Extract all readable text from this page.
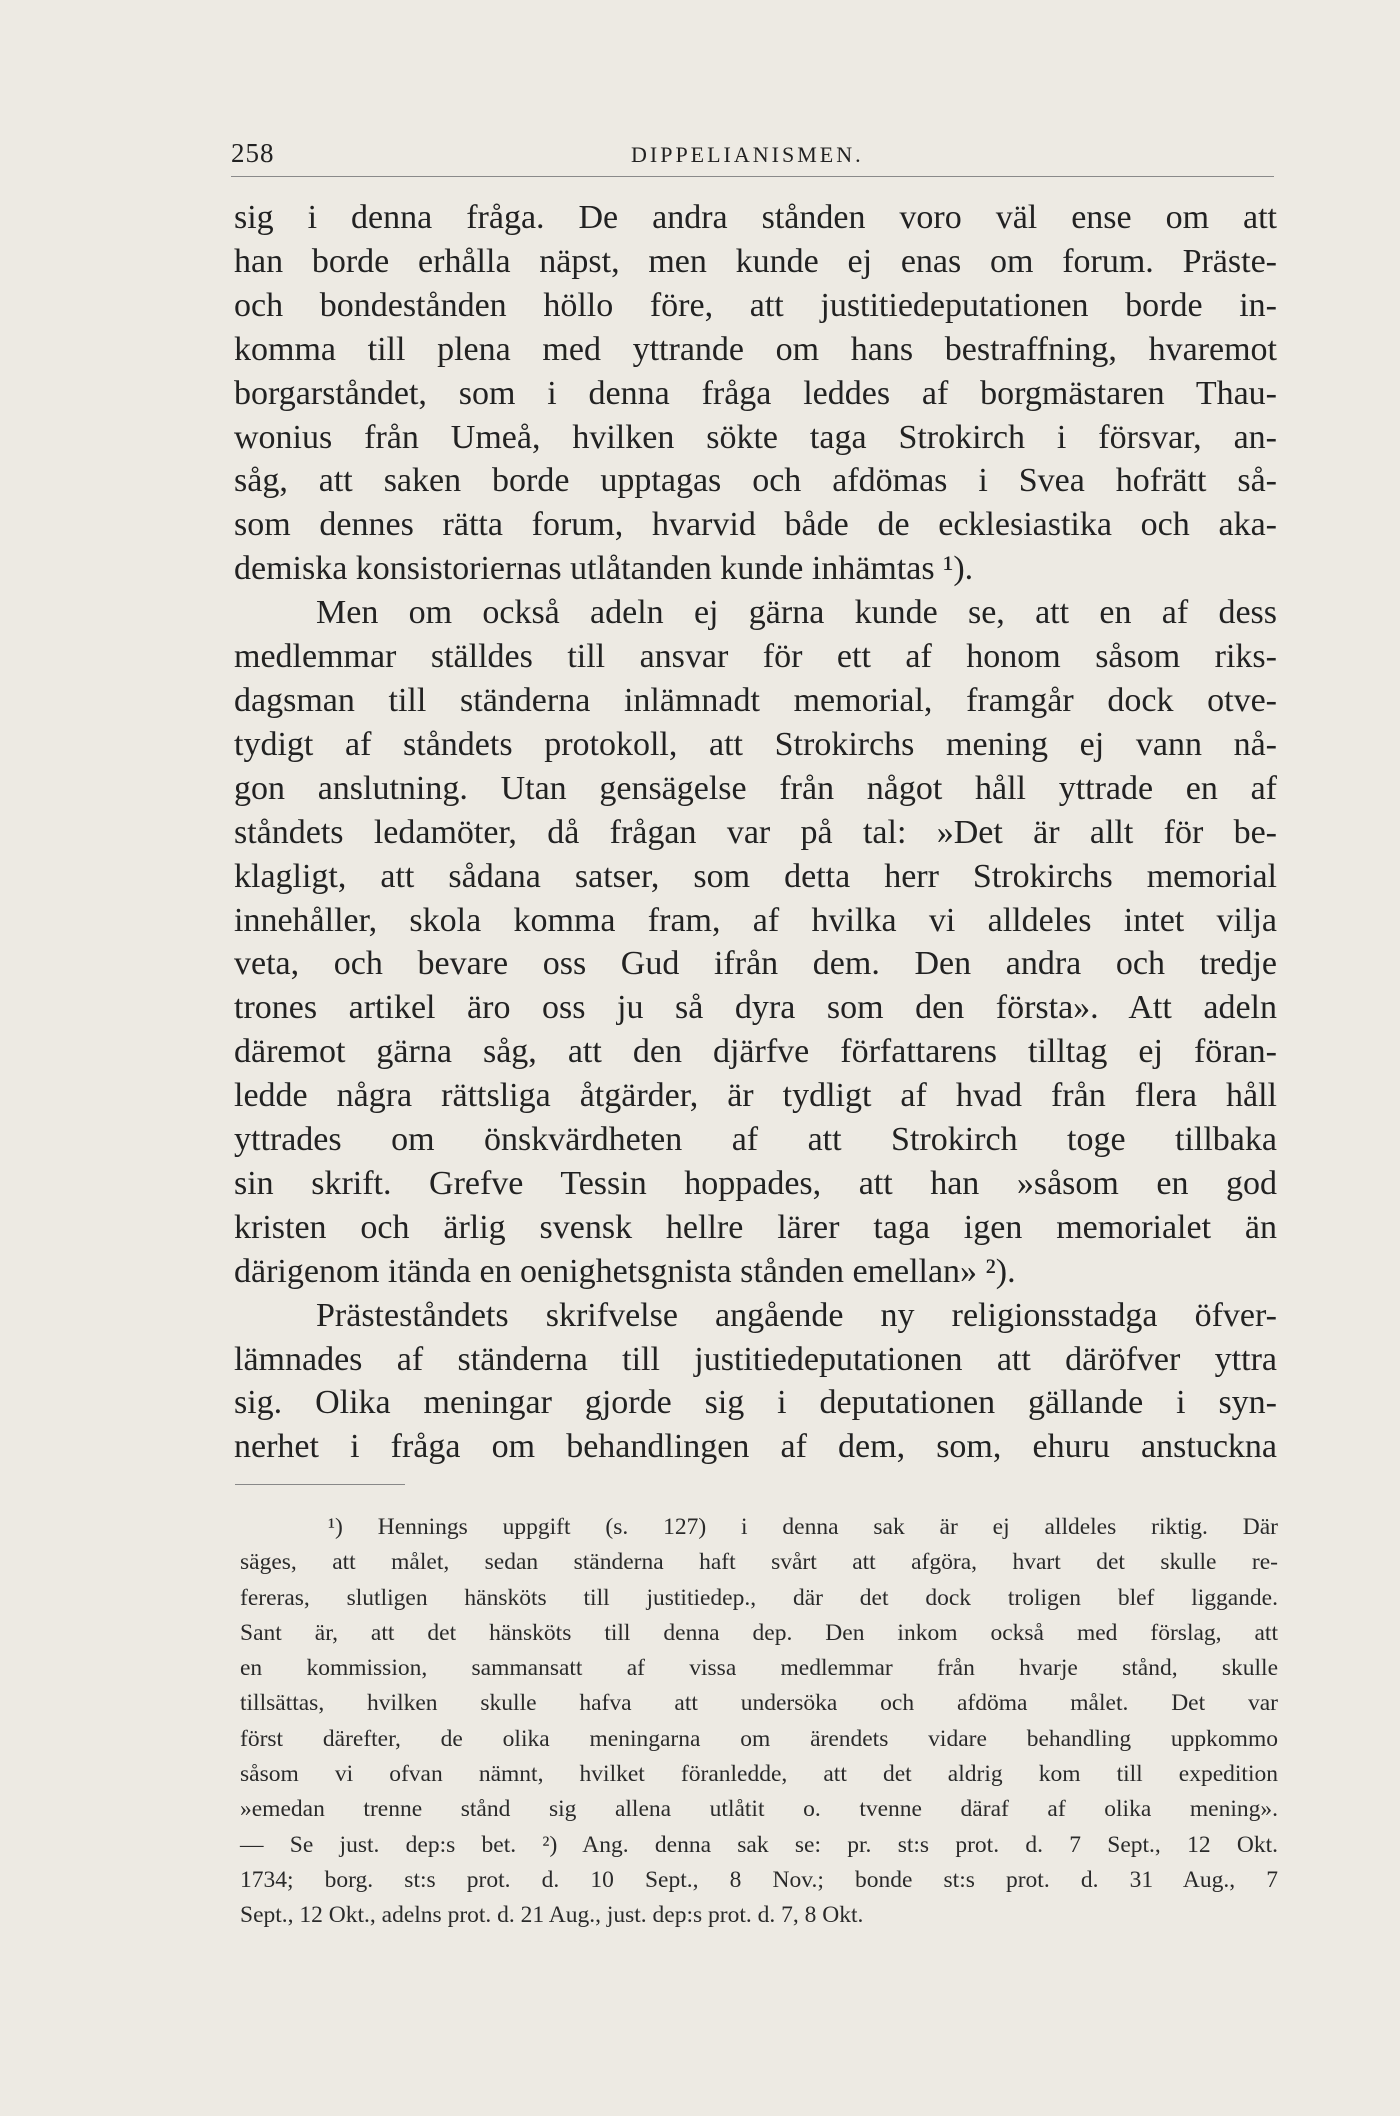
258	DIPPELIANISMEN.
sig i denna fråga. De andra stånden voro väl ense om att
han borde erhålla näpst, men kunde ej enas om forum. Präste-
och bondestånden höllo före, att justitiedeputationen borde in-
komma till plena med yttrande om hans bestraffning, hvaremot
borgarståndet, som i denna fråga leddes af borgmästaren Thau-
wonius från Umeå, hvilken sökte taga Strokirch i försvar, an-
såg, att saken borde upptagas och afdömas i Svea hofrätt så-
som dennes rätta forum, hvarvid både de ecklesiastika och aka-
demiska konsistoriernas utlåtanden kunde inhämtas ¹).
Men om också adeln ej gärna kunde se, att en af dess
medlemmar ställdes till ansvar för ett af honom såsom riks-
dagsman till ständerna inlämnadt memorial, framgår dock otve-
tydigt af ståndets protokoll, att Strokirchs mening ej vann nå-
gon anslutning. Utan gensägelse från något håll yttrade en af
ståndets ledamöter, då frågan var på tal: »Det är allt för be-
klagligt, att sådana satser, som detta herr Strokirchs memorial
innehåller, skola komma fram, af hvilka vi alldeles intet vilja
veta, och bevare oss Gud ifrån dem. Den andra och tredje
trones artikel äro oss ju så dyra som den första». Att adeln
däremot gärna såg, att den djärfve författarens tilltag ej föran-
ledde några rättsliga åtgärder, är tydligt af hvad från flera håll
yttrades om önskvärdheten af att Strokirch toge tillbaka
sin skrift. Grefve Tessin hoppades, att han »såsom en god
kristen och ärlig svensk hellre lärer taga igen memorialet än
därigenom itända en oenighetsgnista stånden emellan» ²).
Prästeståndets skrifvelse angående ny religionsstadga öfver-
lämnades af ständerna till justitiedeputationen att däröfver yttra
sig. Olika meningar gjorde sig i deputationen gällande i syn-
nerhet i fråga om behandlingen af dem, som, ehuru anstuckna
¹) Hennings uppgift (s. 127) i denna sak är ej alldeles riktig. Där
säges, att målet, sedan ständerna haft svårt att afgöra, hvart det skulle re-
fereras, slutligen hänsköts till justitiedep., där det dock troligen blef liggande.
Sant är, att det hänsköts till denna dep. Den inkom också med förslag, att
en kommission, sammansatt af vissa medlemmar från hvarje stånd, skulle
tillsättas, hvilken skulle hafva att undersöka och afdöma målet. Det var
först därefter, de olika meningarna om ärendets vidare behandling uppkommo
såsom vi ofvan nämnt, hvilket föranledde, att det aldrig kom till expedition
»emedan trenne stånd sig allena utlåtit o. tvenne däraf af olika mening».
— Se just. dep:s bet. ²) Ang. denna sak se: pr. st:s prot. d. 7 Sept., 12 Okt.
1734; borg. st:s prot. d. 10 Sept., 8 Nov.; bonde st:s prot. d. 31 Aug., 7
Sept., 12 Okt., adelns prot. d. 21 Aug., just. dep:s prot. d. 7, 8 Okt.
